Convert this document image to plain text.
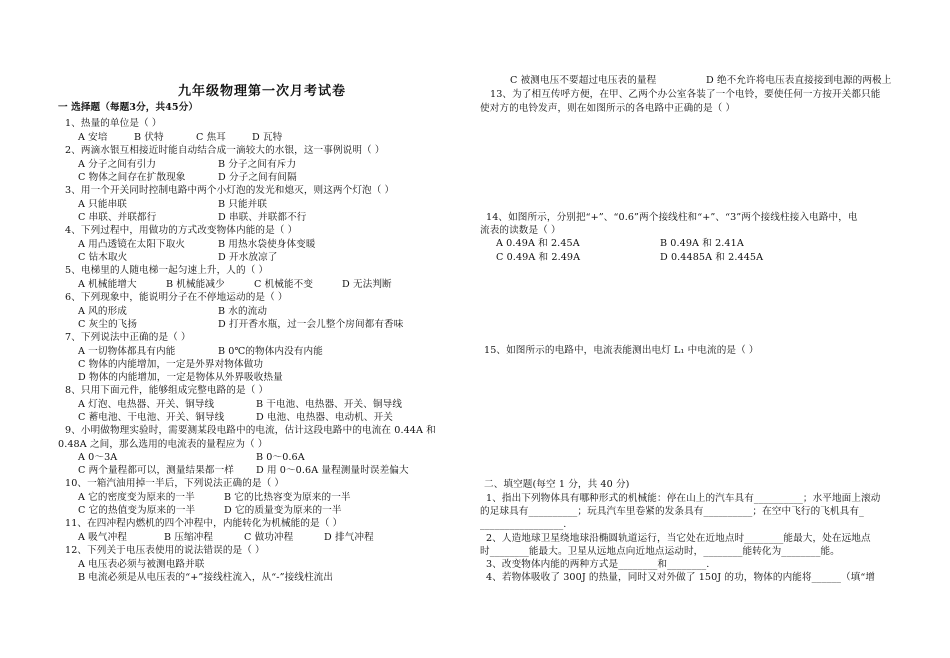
九年级物理第一次月考试卷
一 选择题（每题3分，共45分）
1、热量的单位是（ ）
A 安培	B 伏特	C 焦耳	D 瓦特
2、两滴水银互相接近时能自动结合成一滴较大的水银，这一事例说明（ ）
A 分子之间有引力	B 分子之间有斥力
C 物体之间存在扩散现象	D 分子之间有间隔
3、用一个开关同时控制电路中两个小灯泡的发光和熄灭，则这两个灯泡（ ）
A 只能串联	B 只能并联
C 串联、并联都行	D 串联、并联都不行
4、下列过程中，用做功的方式改变物体内能的是（ ）
A 用凸透镜在太阳下取火	B 用热水袋使身体变暖
C 钻木取火	D 开水放凉了
5、电梯里的人随电梯一起匀速上升，人的（ ）
A 机械能增大	B 机械能减少	C 机械能不变	D 无法判断
6、下列现象中，能说明分子在不停地运动的是（ ）
A 风的形成	B 水的流动
C 灰尘的飞扬	D 打开香水瓶，过一会儿整个房间都有香味
7、下列说法中正确的是（ ）
A 一切物体都具有内能	B 0℃的物体内没有内能
C 物体的内能增加，一定是外界对物体做功
D 物体的内能增加，一定是物体从外界吸收热量
8、只用下面元件，能够组成完整电路的是（ ）
A 灯泡、电热器、开关、铜导线	B 干电池、电热器、开关、铜导线
C 蓄电池、干电池、开关、铜导线	D 电池、电热器、电动机、开关
9、小明做物理实验时，需要测某段电路中的电流，估计这段电路中的电流在 0.44A 和
0.48A 之间，那么选用的电流表的量程应为（ ）
A 0～3A	B 0～0.6A
C 两个量程都可以，测量结果都一样 D 用 0～0.6A 量程测量时误差偏大
10、一箱汽油用掉一半后，下列说法正确的是（ ）
A 它的密度变为原来的一半	B 它的比热容变为原来的一半
C 它的热值变为原来的一半	D 它的质量变为原来的一半
11、在四冲程内燃机的四个冲程中，内能转化为机械能的是（ ）
A 吸气冲程	B 压缩冲程	C 做功冲程	D 排气冲程
12、下列关于电压表使用的说法错误的是（ ）
A 电压表必须与被测电路并联
B 电流必须是从电压表的“+”接线柱流入，从“-”接线柱流出
C 被测电压不要超过电压表的量程	D 绝不允许将电压表直接接到电源的两极上
13、为了相互传呼方便，在甲、乙两个办公室各装了一个电铃，要使任何一方按开关都只能
使对方的电铃发声，则在如图所示的各电路中正确的是（ ）
14、如图所示，分别把“+”、“0.6”两个接线柱和“+”、“3”两个接线柱接入电路中，电
流表的读数是（ ）
A 0.49A 和 2.45A	B 0.49A 和 2.41A
C 0.49A 和 2.49A	D 0.4485A 和 2.445A
15、如图所示的电路中，电流表能测出电灯 L₁ 中电流的是（ ）
二、填空题(每空 1 分，共 40 分)
1、指出下列物体具有哪种形式的机械能：停在山上的汽车具有__________；水平地面上滚动
的足球具有__________；玩具汽车里卷紧的发条具有__________；在空中飞行的飞机具有_
_________________.
2、人造地球卫星绕地球沿椭圆轨道运行，当它处在近地点时________能最大，处在远地点
时________能最大。卫星从远地点向近地点运动时，________能转化为________能。
3、改变物体内能的两种方式是________和________.
4、若物体吸收了 300J 的热量，同时又对外做了 150J 的功，物体的内能将______（填“增
